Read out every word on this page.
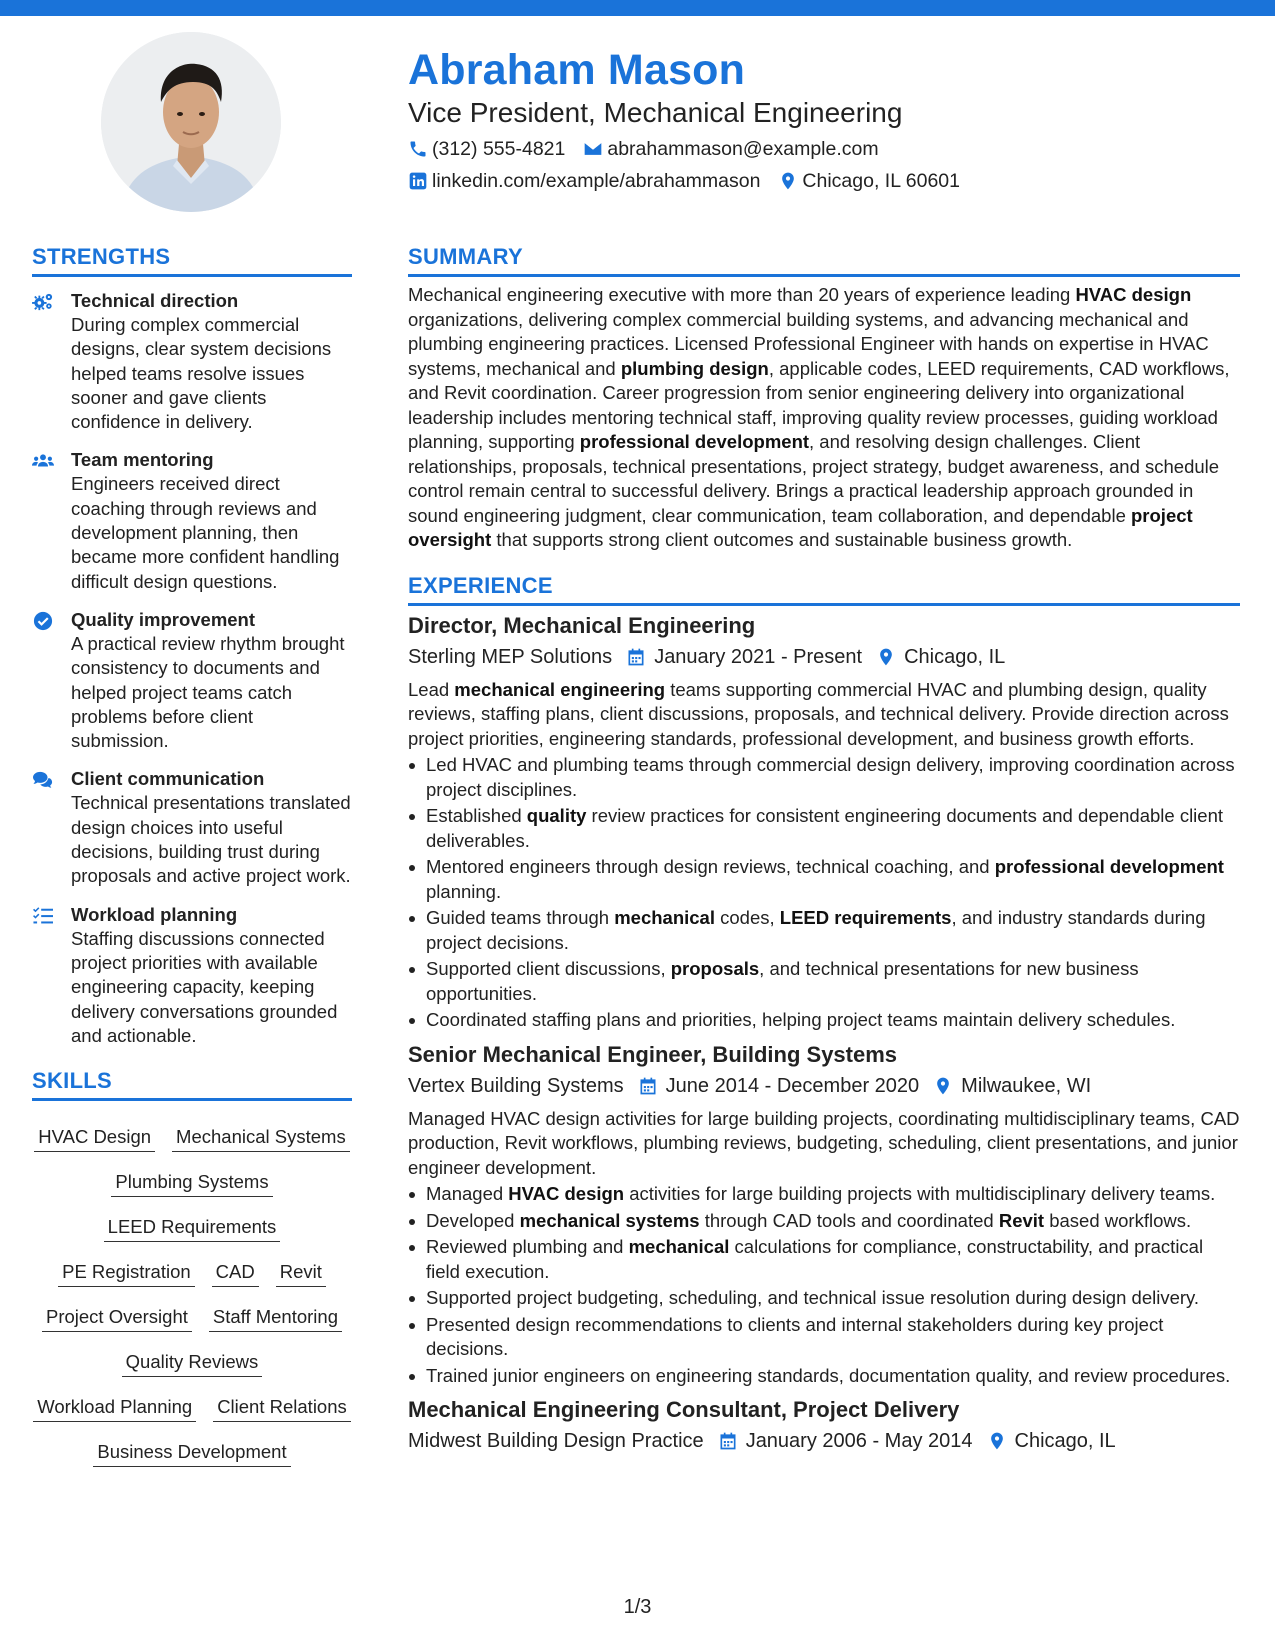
Abraham Mason
Vice President, Mechanical Engineering
(312) 555-4821 abrahammason@example.com
linkedin.com/example/abrahammason Chicago, IL 60601
STRENGTHS
Technical direction
During complex commercial designs, clear system decisions helped teams resolve issues sooner and gave clients confidence in delivery.
Team mentoring
Engineers received direct coaching through reviews and development planning, then became more confident handling difficult design questions.
Quality improvement
A practical review rhythm brought consistency to documents and helped project teams catch problems before client submission.
Client communication
Technical presentations translated design choices into useful decisions, building trust during proposals and active project work.
Workload planning
Staffing discussions connected project priorities with available engineering capacity, keeping delivery conversations grounded and actionable.
SKILLS
HVAC Design Mechanical Systems
Plumbing Systems
LEED Requirements
PE Registration CAD Revit
Project Oversight Staff Mentoring
Quality Reviews
Workload Planning Client Relations
Business Development
SUMMARY

Mechanical engineering executive with more than 20 years of experience leading HVAC design organizations, delivering complex commercial building systems, and advancing mechanical and plumbing engineering practices. Licensed Professional Engineer with hands on expertise in HVAC systems, mechanical and plumbing design, applicable codes, LEED requirements, CAD workflows, and Revit coordination. Career progression from senior engineering delivery into organizational leadership includes mentoring technical staff, improving quality review processes, guiding workload planning, supporting professional development, and resolving design challenges. Client relationships, proposals, technical presentations, project strategy, budget awareness, and schedule control remain central to successful delivery. Brings a practical leadership approach grounded in sound engineering judgment, clear communication, team collaboration, and dependable project oversight that supports strong client outcomes and sustainable business growth.

EXPERIENCE
Director, Mechanical Engineering
Sterling MEP Solutions January 2021 - Present Chicago, IL

Lead mechanical engineering teams supporting commercial HVAC and plumbing design, quality reviews, staffing plans, client discussions, proposals, and technical delivery. Provide direction across project priorities, engineering standards, professional development, and business growth efforts.

Led HVAC and plumbing teams through commercial design delivery, improving coordination across project disciplines.
Established quality review practices for consistent engineering documents and dependable client deliverables.
Mentored engineers through design reviews, technical coaching, and professional development planning.
Guided teams through mechanical codes, LEED requirements, and industry standards during project decisions.
Supported client discussions, proposals, and technical presentations for new business opportunities.
Coordinated staffing plans and priorities, helping project teams maintain delivery schedules.
Senior Mechanical Engineer, Building Systems
Vertex Building Systems June 2014 - December 2020 Milwaukee, WI

Managed HVAC design activities for large building projects, coordinating multidisciplinary teams, CAD production, Revit workflows, plumbing reviews, budgeting, scheduling, client presentations, and junior engineer development.

Managed HVAC design activities for large building projects with multidisciplinary delivery teams.
Developed mechanical systems through CAD tools and coordinated Revit based workflows.
Reviewed plumbing and mechanical calculations for compliance, constructability, and practical field execution.
Supported project budgeting, scheduling, and technical issue resolution during design delivery.
Presented design recommendations to clients and internal stakeholders during key project decisions.
Trained junior engineers on engineering standards, documentation quality, and review procedures.
Mechanical Engineering Consultant, Project Delivery
Midwest Building Design Practice January 2006 - May 2014 Chicago, IL
1/3
